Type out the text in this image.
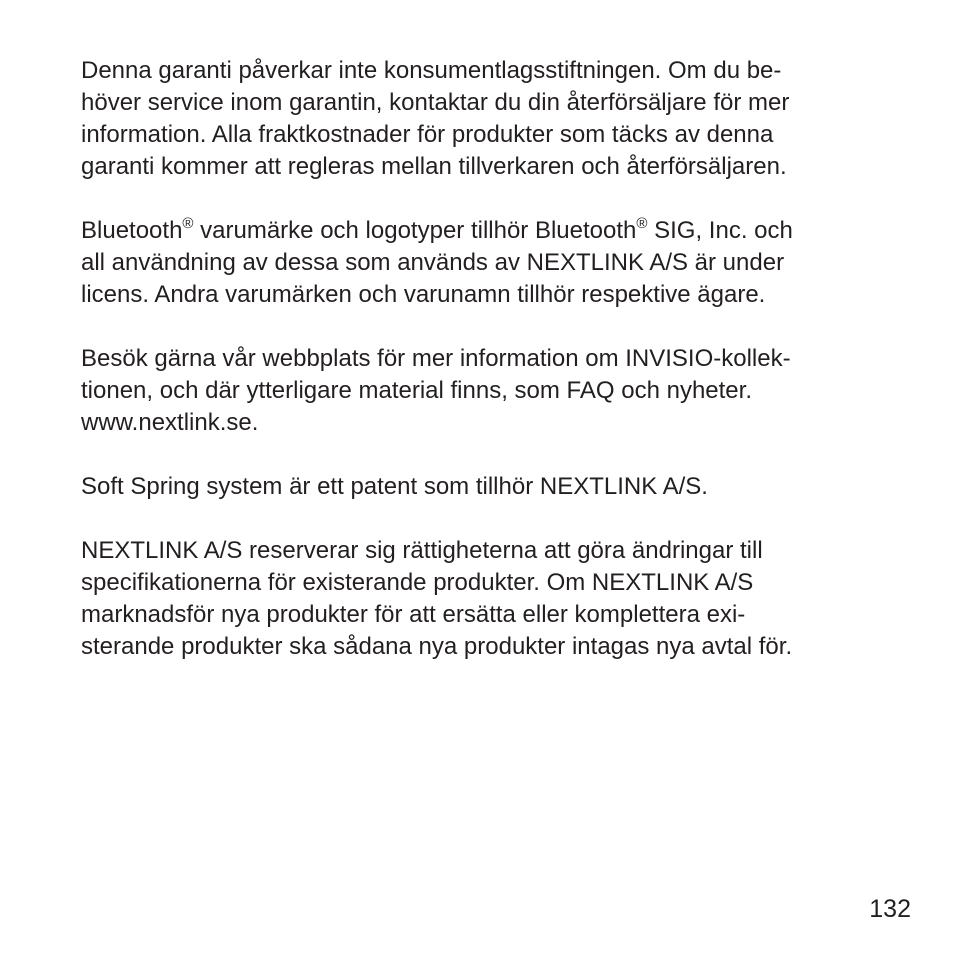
Denna garanti påverkar inte konsumentlagsstiftningen. Om du be-
höver service inom garantin, kontaktar du din återförsäljare för mer
information. Alla fraktkostnader för produkter som täcks av denna
garanti kommer att regleras mellan tillverkaren och återförsäljaren.

Bluetooth® varumärke och logotyper tillhör Bluetooth® SIG, Inc. och
all användning av dessa som används av NEXTLINK A/S är under
licens. Andra varumärken och varunamn tillhör respektive ägare.

Besök gärna vår webbplats för mer information om INVISIO-kollek-
tionen, och där ytterligare material finns, som FAQ och nyheter.
www.nextlink.se.

Soft Spring system är ett patent som tillhör NEXTLINK A/S.

NEXTLINK A/S reserverar sig rättigheterna att göra ändringar till
specifikationerna för existerande produkter. Om NEXTLINK A/S
marknadsför nya produkter för att ersätta eller komplettera exi-
sterande produkter ska sådana nya produkter intagas nya avtal för.

132
